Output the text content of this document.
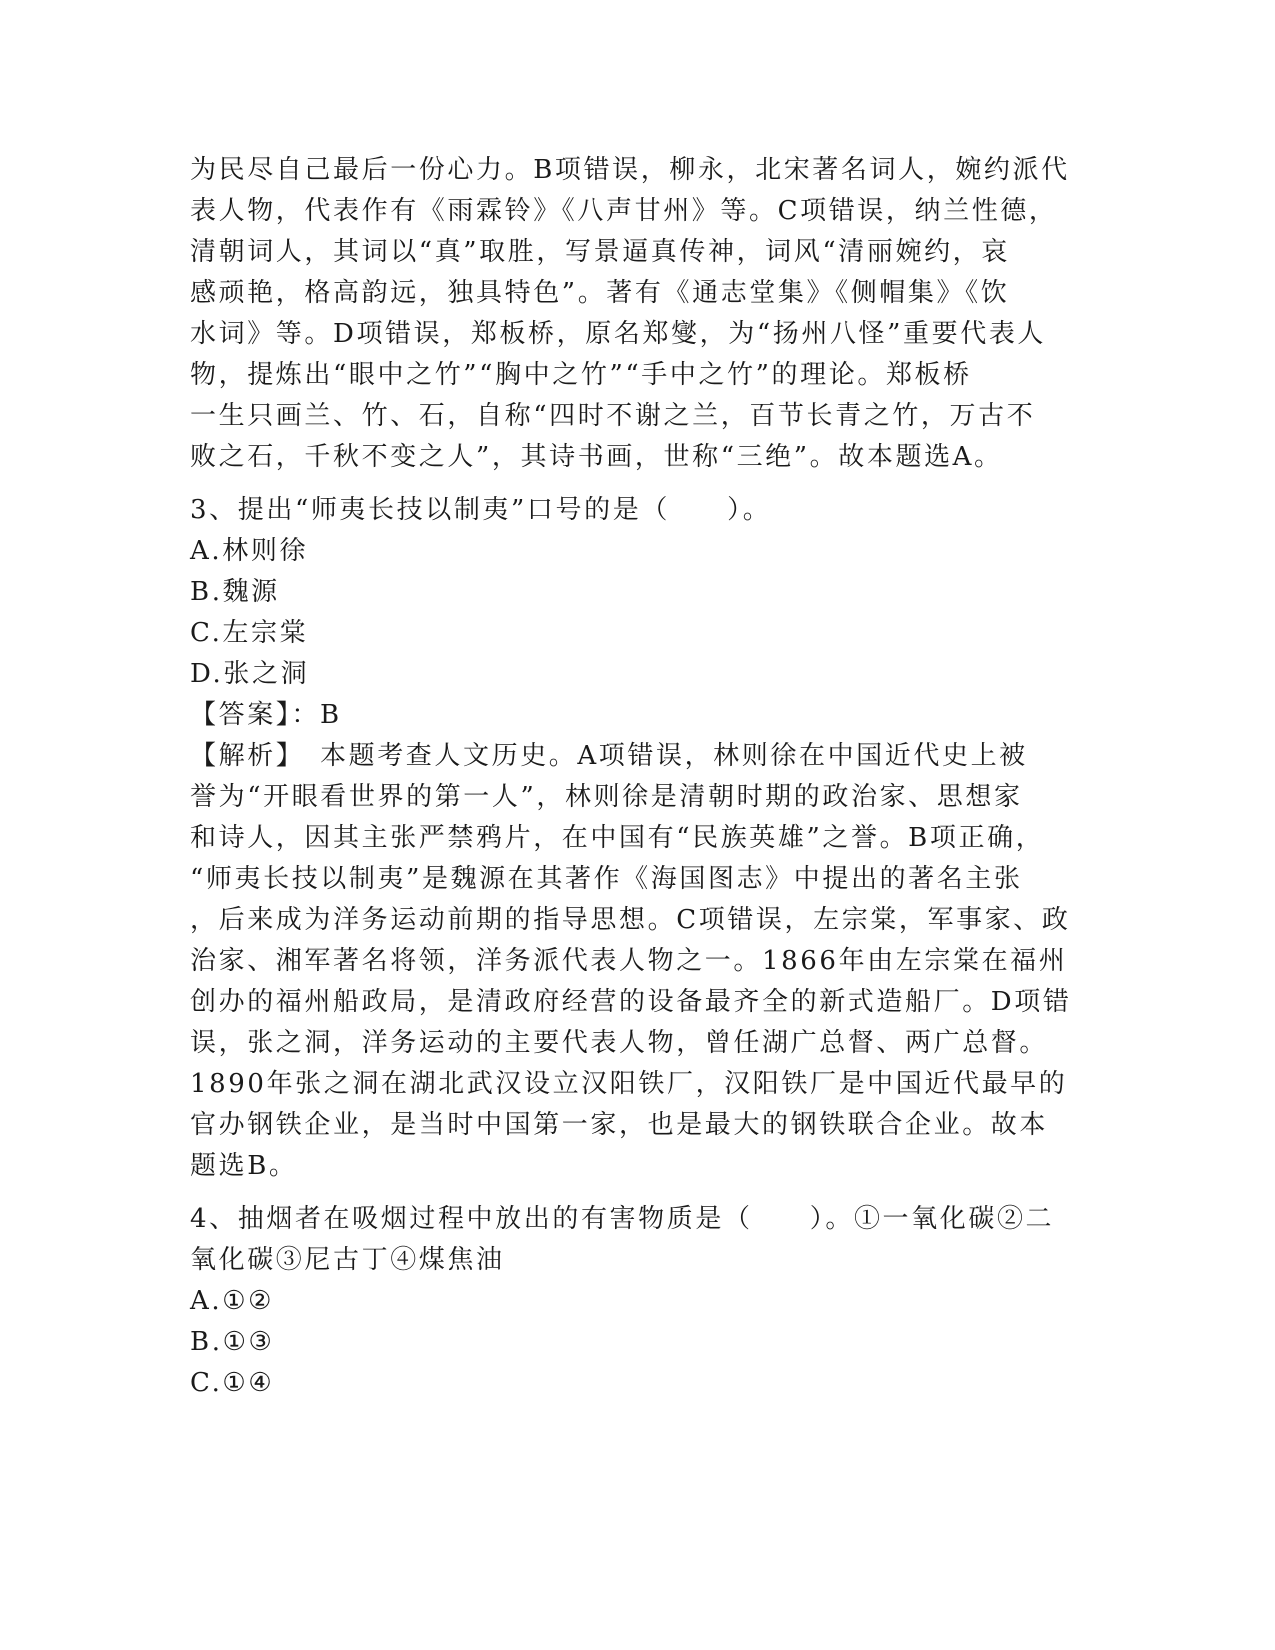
为民尽自己最后一份心力。B项错误，柳永，北宋著名词人，婉约派代
表人物，代表作有《雨霖铃》《八声甘州》等。C项错误，纳兰性德，
清朝词人，其词以“真”取胜，写景逼真传神，词风“清丽婉约，哀
感顽艳，格高韵远，独具特色”。著有《通志堂集》《侧帽集》《饮
水词》等。D项错误，郑板桥，原名郑燮，为“扬州八怪”重要代表人
物，提炼出“眼中之竹”“胸中之竹”“手中之竹”的理论。郑板桥
一生只画兰、竹、石，自称“四时不谢之兰，百节长青之竹，万古不
败之石，千秋不变之人”，其诗书画，世称“三绝”。故本题选A。
3、提出“师夷长技以制夷”口号的是（　　）。
A.林则徐
B.魏源
C.左宗棠
D.张之洞
【答案】：B
【解析】　本题考查人文历史。A项错误，林则徐在中国近代史上被
誉为“开眼看世界的第一人”，林则徐是清朝时期的政治家、思想家
和诗人，因其主张严禁鸦片，在中国有“民族英雄”之誉。B项正确，
“师夷长技以制夷”是魏源在其著作《海国图志》中提出的著名主张
，后来成为洋务运动前期的指导思想。C项错误，左宗棠，军事家、政
治家、湘军著名将领，洋务派代表人物之一。1866年由左宗棠在福州
创办的福州船政局，是清政府经营的设备最齐全的新式造船厂。D项错
误，张之洞，洋务运动的主要代表人物，曾任湖广总督、两广总督。
1890年张之洞在湖北武汉设立汉阳铁厂，汉阳铁厂是中国近代最早的
官办钢铁企业，是当时中国第一家，也是最大的钢铁联合企业。故本
题选B。
4、抽烟者在吸烟过程中放出的有害物质是（　　）。①一氧化碳②二
氧化碳③尼古丁④煤焦油
A.①②
B.①③
C.①④
